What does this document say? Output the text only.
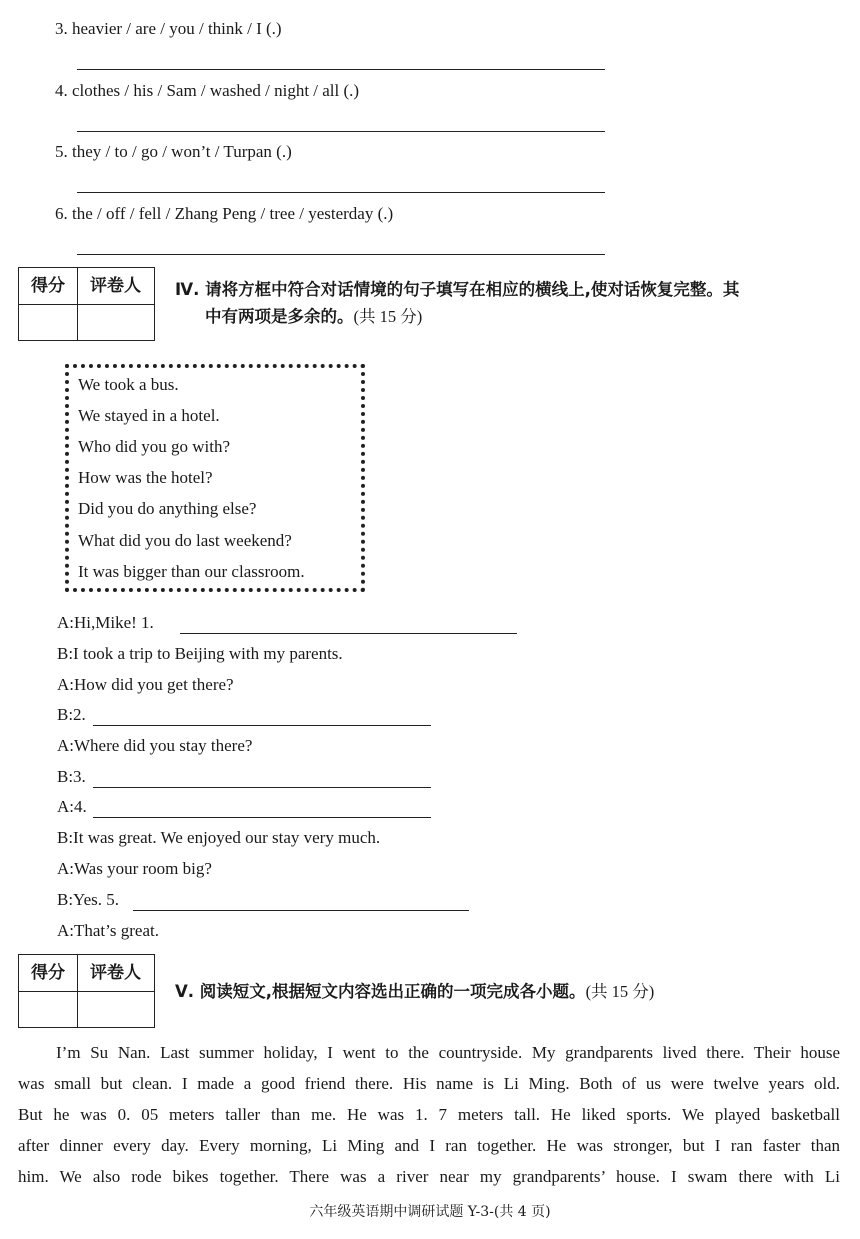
3. heavier / are / you / think / I (.)
4. clothes / his / Sam / washed / night / all (.)
5. they / to / go / won’t / Turpan (.)
6. the / off / fell / Zhang Peng / tree / yesterday (.)
得分	评卷人	Ⅳ. 请将方框中符合对话情境的句子填写在相应的横线上,使对话恢复完整。其
中有两项是多余的。(共 15 分)
We took a bus.
We stayed in a hotel.
Who did you go with?
How was the hotel?
Did you do anything else?
What did you do last weekend?
It was bigger than our classroom.
A:Hi,Mike! 1.
B:I took a trip to Beijing with my parents.
A:How did you get there?
B:2.
A:Where did you stay there?
B:3.
A:4.
B:It was great. We enjoyed our stay very much.
A:Was your room big?
B:Yes. 5.
A:That’s great.
得分	评卷人
Ⅴ. 阅读短文,根据短文内容选出正确的一项完成各小题。(共 15 分)
I’m Su Nan. Last summer holiday, I went to the countryside. My grandparents lived there. Their house
was small but clean. I made a good friend there. His name is Li Ming. Both of us were twelve years old.
But he was 0. 05 meters taller than me. He was 1. 7 meters tall. He liked sports. We played basketball
after dinner every day. Every morning, Li Ming and I ran together. He was stronger, but I ran faster than
him. We also rode bikes together. There was a river near my grandparents’ house. I swam there with Li
六年级英语期中调研试题 Y-3-(共 4 页)
